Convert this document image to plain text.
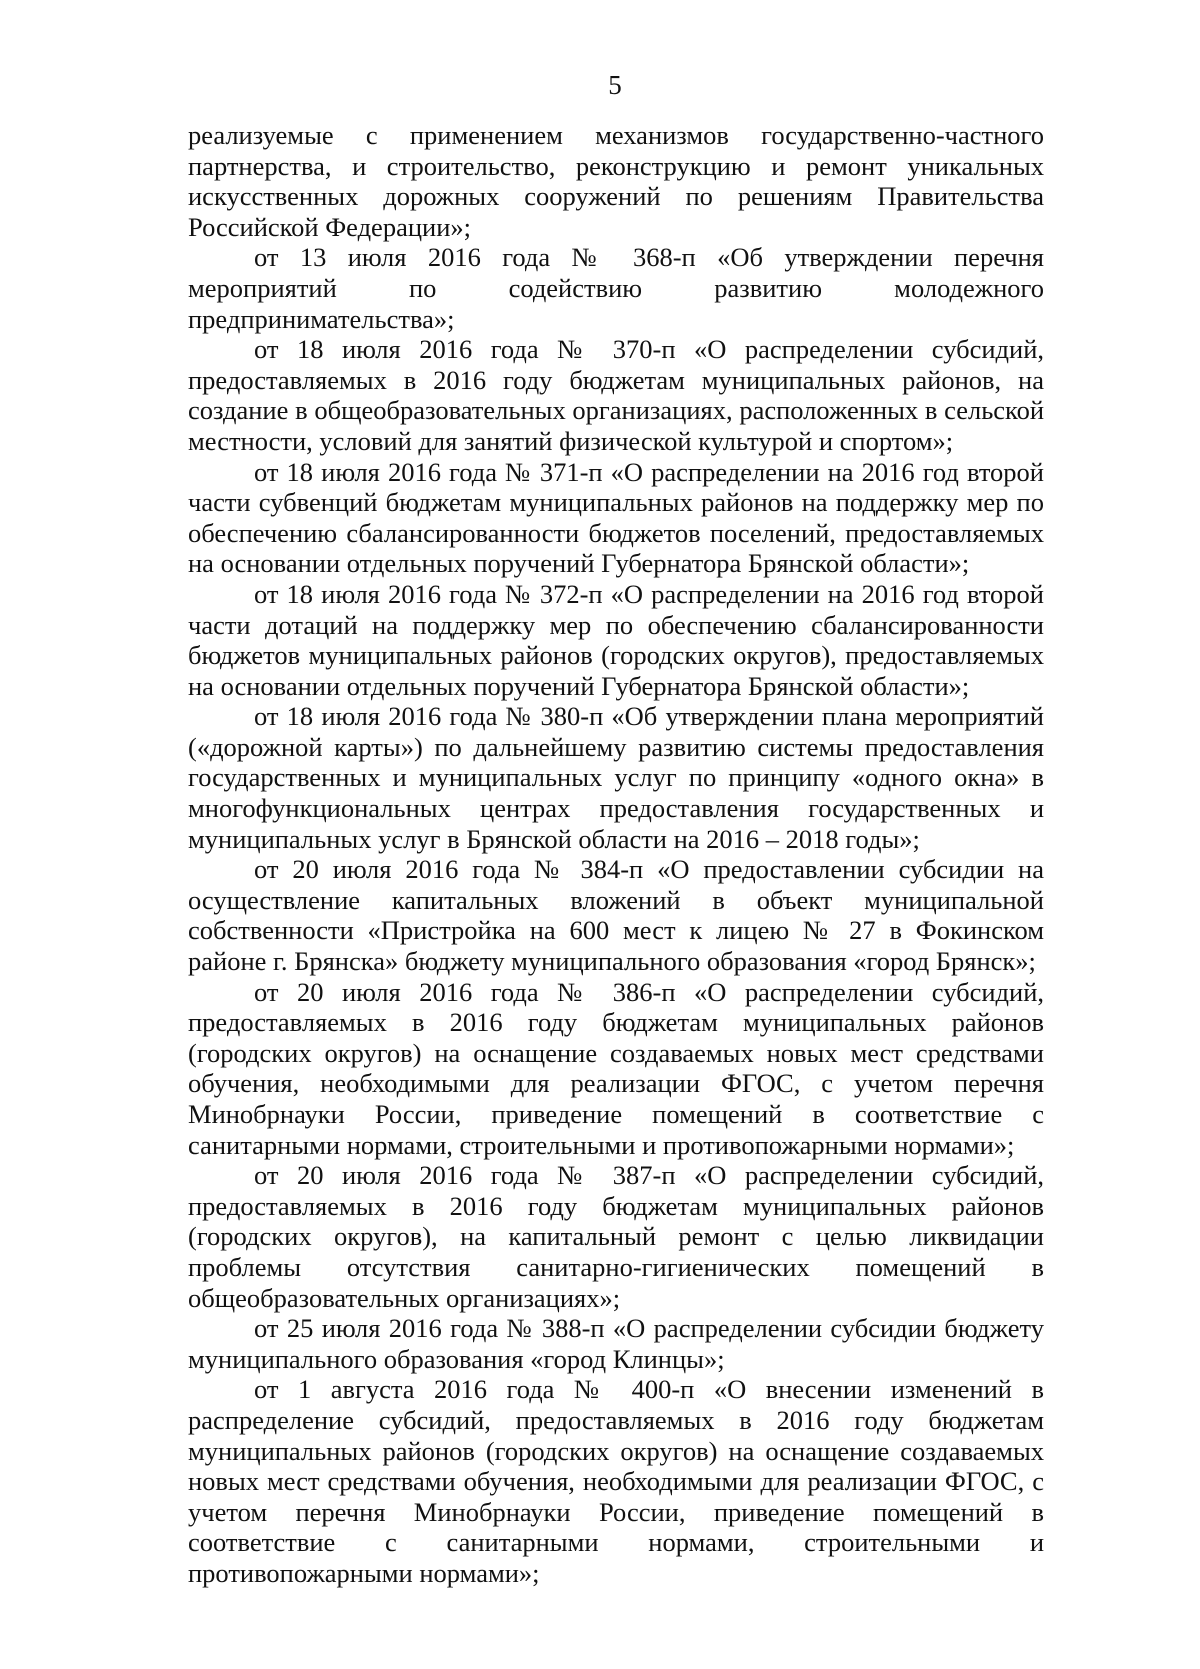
5

реализуемые с применением механизмов государственно-частного партнерства, и строительство, реконструкцию и ремонт уникальных искусственных дорожных сооружений по решениям Правительства Российской Федерации»;

от 13 июля 2016 года № 368-п «Об утверждении перечня мероприятий по содействию развитию молодежного предпринимательства»;

от 18 июля 2016 года № 370-п «О распределении субсидий, предоставляемых в 2016 году бюджетам муниципальных районов, на создание в общеобразовательных организациях, расположенных в сельской местности, условий для занятий физической культурой и спортом»;

от 18 июля 2016 года № 371-п «О распределении на 2016 год второй части субвенций бюджетам муниципальных районов на поддержку мер по обеспечению сбалансированности бюджетов поселений, предоставляемых на основании отдельных поручений Губернатора Брянской области»;

от 18 июля 2016 года № 372-п «О распределении на 2016 год второй части дотаций на поддержку мер по обеспечению сбалансированности бюджетов муниципальных районов (городских округов), предоставляемых на основании отдельных поручений Губернатора Брянской области»;

от 18 июля 2016 года № 380-п «Об утверждении плана мероприятий («дорожной карты») по дальнейшему развитию системы предоставления государственных и муниципальных услуг по принципу «одного окна» в многофункциональных центрах предоставления государственных и муниципальных услуг в Брянской области на 2016 – 2018 годы»;

от 20 июля 2016 года № 384-п «О предоставлении субсидии на осуществление капитальных вложений в объект муниципальной собственности «Пристройка на 600 мест к лицею № 27 в Фокинском районе г. Брянска» бюджету муниципального образования «город Брянск»;

от 20 июля 2016 года № 386-п «О распределении субсидий, предоставляемых в 2016 году бюджетам муниципальных районов (городских округов) на оснащение создаваемых новых мест средствами обучения, необходимыми для реализации ФГОС, с учетом перечня Минобрнауки России, приведение помещений в соответствие с санитарными нормами, строительными и противопожарными нормами»;

от 20 июля 2016 года № 387-п «О распределении субсидий, предоставляемых в 2016 году бюджетам муниципальных районов (городских округов), на капитальный ремонт с целью ликвидации проблемы отсутствия санитарно-гигиенических помещений в общеобразовательных организациях»;

от 25 июля 2016 года № 388-п «О распределении субсидии бюджету муниципального образования «город Клинцы»;

от 1 августа 2016 года № 400-п «О внесении изменений в распределение субсидий, предоставляемых в 2016 году бюджетам муниципальных районов (городских округов) на оснащение создаваемых новых мест средствами обучения, необходимыми для реализации ФГОС, с учетом перечня Минобрнауки России, приведение помещений в соответствие с санитарными нормами, строительными и противопожарными нормами»;
